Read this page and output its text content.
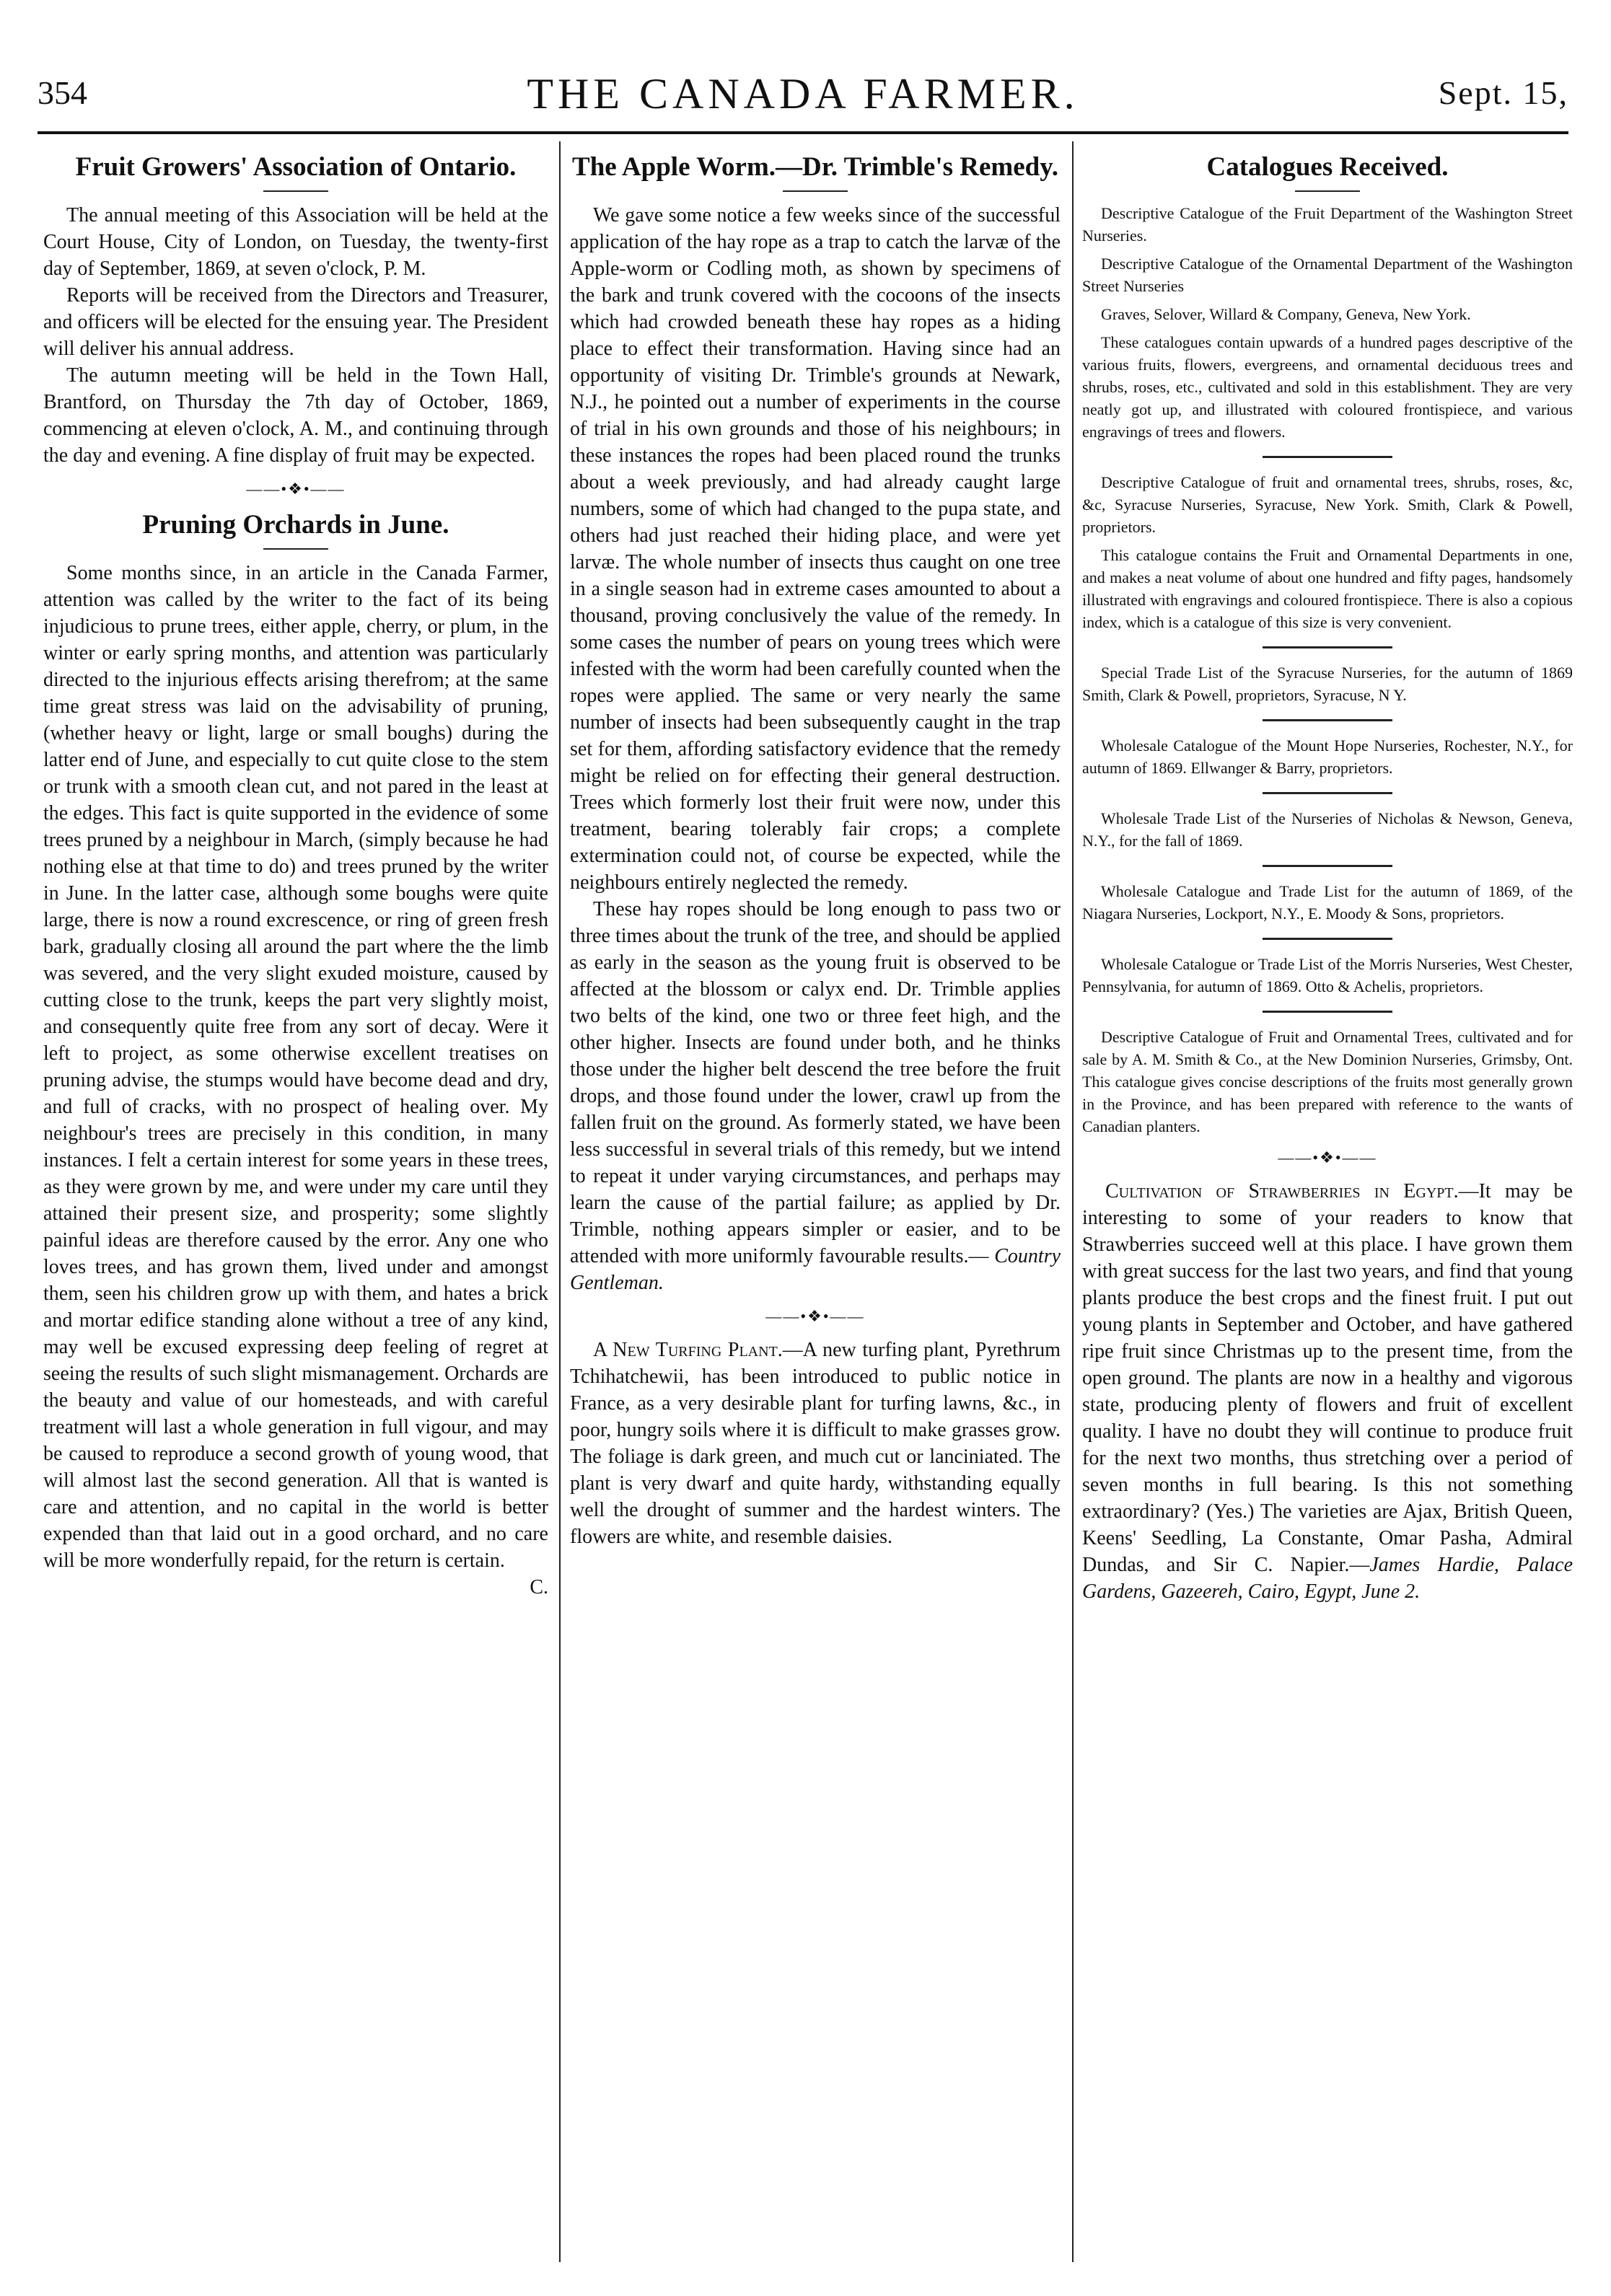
354	THE CANADA FARMER.	Sept. 15,
Fruit Growers' Association of Ontario.

The annual meeting of this Association will be held at the Court House, City of London, on Tuesday, the twenty-first day of September, 1869, at seven o'clock, P. M.

Reports will be received from the Directors and Treasurer, and officers will be elected for the ensuing year. The President will deliver his annual address.

The autumn meeting will be held in the Town Hall, Brantford, on Thursday the 7th day of October, 1869, commencing at eleven o'clock, A. M., and continuing through the day and evening. A fine display of fruit may be expected.

——•❖•——
Pruning Orchards in June.

Some months since, in an article in the Canada Farmer, attention was called by the writer to the fact of its being injudicious to prune trees, either apple, cherry, or plum, in the winter or early spring months, and attention was particularly directed to the injurious effects arising therefrom; at the same time great stress was laid on the advisability of pruning, (whether heavy or light, large or small boughs) during the latter end of June, and especially to cut quite close to the stem or trunk with a smooth clean cut, and not pared in the least at the edges. This fact is quite supported in the evidence of some trees pruned by a neighbour in March, (simply because he had nothing else at that time to do) and trees pruned by the writer in June. In the latter case, although some boughs were quite large, there is now a round excrescence, or ring of green fresh bark, gradually closing all around the part where the the limb was severed, and the very slight exuded moisture, caused by cutting close to the trunk, keeps the part very slightly moist, and consequently quite free from any sort of decay. Were it left to project, as some otherwise excellent treatises on pruning advise, the stumps would have become dead and dry, and full of cracks, with no prospect of healing over. My neighbour's trees are precisely in this condition, in many instances. I felt a certain interest for some years in these trees, as they were grown by me, and were under my care until they attained their present size, and prosperity; some slightly painful ideas are therefore caused by the error. Any one who loves trees, and has grown them, lived under and amongst them, seen his children grow up with them, and hates a brick and mortar edifice standing alone without a tree of any kind, may well be excused expressing deep feeling of regret at seeing the results of such slight mismanagement. Orchards are the beauty and value of our homesteads, and with careful treatment will last a whole generation in full vigour, and may be caused to reproduce a second growth of young wood, that will almost last the second generation. All that is wanted is care and attention, and no capital in the world is better expended than that laid out in a good orchard, and no care will be more wonderfully repaid, for the return is certain.

C.
The Apple Worm.—Dr. Trimble's Remedy.

We gave some notice a few weeks since of the successful application of the hay rope as a trap to catch the larvæ of the Apple-worm or Codling moth, as shown by specimens of the bark and trunk covered with the cocoons of the insects which had crowded beneath these hay ropes as a hiding place to effect their transformation. Having since had an opportunity of visiting Dr. Trimble's grounds at Newark, N.J., he pointed out a number of experiments in the course of trial in his own grounds and those of his neighbours; in these instances the ropes had been placed round the trunks about a week previously, and had already caught large numbers, some of which had changed to the pupa state, and others had just reached their hiding place, and were yet larvæ. The whole number of insects thus caught on one tree in a single season had in extreme cases amounted to about a thousand, proving conclusively the value of the remedy. In some cases the number of pears on young trees which were infested with the worm had been carefully counted when the ropes were applied. The same or very nearly the same number of insects had been subsequently caught in the trap set for them, affording satisfactory evidence that the remedy might be relied on for effecting their general destruction. Trees which formerly lost their fruit were now, under this treatment, bearing tolerably fair crops; a complete extermination could not, of course be expected, while the neighbours entirely neglected the remedy.

These hay ropes should be long enough to pass two or three times about the trunk of the tree, and should be applied as early in the season as the young fruit is observed to be affected at the blossom or calyx end. Dr. Trimble applies two belts of the kind, one two or three feet high, and the other higher. Insects are found under both, and he thinks those under the higher belt descend the tree before the fruit drops, and those found under the lower, crawl up from the fallen fruit on the ground. As formerly stated, we have been less successful in several trials of this remedy, but we intend to repeat it under varying circumstances, and perhaps may learn the cause of the partial failure; as applied by Dr. Trimble, nothing appears simpler or easier, and to be attended with more uniformly favourable results.— Country Gentleman.

——•❖•——

A New Turfing Plant.—A new turfing plant, Pyrethrum Tchihatchewii, has been introduced to public notice in France, as a very desirable plant for turfing lawns, &c., in poor, hungry soils where it is difficult to make grasses grow. The foliage is dark green, and much cut or lanciniated. The plant is very dwarf and quite hardy, withstanding equally well the drought of summer and the hardest winters. The flowers are white, and resemble daisies.

Catalogues Received.

Descriptive Catalogue of the Fruit Department of the Washington Street Nurseries.

Descriptive Catalogue of the Ornamental Department of the Washington Street Nurseries

Graves, Selover, Willard & Company, Geneva, New York.

These catalogues contain upwards of a hundred pages descriptive of the various fruits, flowers, evergreens, and ornamental deciduous trees and shrubs, roses, etc., cultivated and sold in this establishment. They are very neatly got up, and illustrated with coloured frontispiece, and various engravings of trees and flowers.

Descriptive Catalogue of fruit and ornamental trees, shrubs, roses, &c, &c, Syracuse Nurseries, Syracuse, New York. Smith, Clark & Powell, proprietors.

This catalogue contains the Fruit and Ornamental Departments in one, and makes a neat volume of about one hundred and fifty pages, handsomely illustrated with engravings and coloured frontispiece. There is also a copious index, which is a catalogue of this size is very convenient.

Special Trade List of the Syracuse Nurseries, for the autumn of 1869 Smith, Clark & Powell, proprietors, Syracuse, N Y.

Wholesale Catalogue of the Mount Hope Nurseries, Rochester, N.Y., for autumn of 1869. Ellwanger & Barry, proprietors.

Wholesale Trade List of the Nurseries of Nicholas & Newson, Geneva, N.Y., for the fall of 1869.

Wholesale Catalogue and Trade List for the autumn of 1869, of the Niagara Nurseries, Lockport, N.Y., E. Moody & Sons, proprietors.

Wholesale Catalogue or Trade List of the Morris Nurseries, West Chester, Pennsylvania, for autumn of 1869. Otto & Achelis, proprietors.

Descriptive Catalogue of Fruit and Ornamental Trees, cultivated and for sale by A. M. Smith & Co., at the New Dominion Nurseries, Grimsby, Ont. This catalogue gives concise descriptions of the fruits most generally grown in the Province, and has been prepared with reference to the wants of Canadian planters.

——•❖•——

Cultivation of Strawberries in Egypt.—It may be interesting to some of your readers to know that Strawberries succeed well at this place. I have grown them with great success for the last two years, and find that young plants produce the best crops and the finest fruit. I put out young plants in September and October, and have gathered ripe fruit since Christmas up to the present time, from the open ground. The plants are now in a healthy and vigorous state, producing plenty of flowers and fruit of excellent quality. I have no doubt they will continue to produce fruit for the next two months, thus stretching over a period of seven months in full bearing. Is this not something extraordinary? (Yes.) The varieties are Ajax, British Queen, Keens' Seedling, La Constante, Omar Pasha, Admiral Dundas, and Sir C. Napier.—James Hardie, Palace Gardens, Gazeereh, Cairo, Egypt, June 2.
